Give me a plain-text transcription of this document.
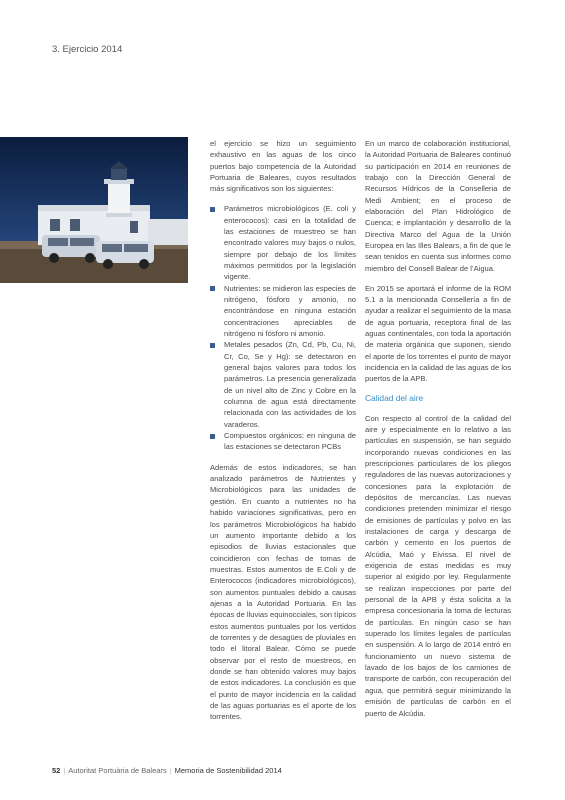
3. Ejercicio 2014

el ejercicio se hizo un seguimiento exhaustivo en las aguas de los cinco puertos bajo competencia de la Autoridad Portuaria de Baleares, cuyos resultados más significativos son los siguientes:

Parámetros microbiológicos (E. coli y enterococos): casi en la totalidad de las estaciones de muestreo se han encontrado valores muy bajos o nulos, siempre por debajo de los límites máximos permitidos por la legislación vigente.
Nutrientes: se midieron las especies de nitrógeno, fósforo y amonio, no encontrándose en ninguna estación concentraciones apreciables de nitrógeno ni fósforo ni amonio.
Metales pesados (Zn, Cd, Pb, Cu, Ni, Cr, Co, Se y Hg): se detectaron en general bajos valores para todos los parámetros. La presencia generalizada de un nivel alto de Zinc y Cobre en la columna de agua está directamente relacionada con las actividades de los varaderos.
Compuestos orgánicos: en ninguna de las estaciones se detectaron PCBs

Además de estos indicadores, se han analizado parámetros de Nutrientes y Microbiológicos para las unidades de gestión. En cuanto a nutrientes no ha habido variaciones significativas, pero en los parámetros Microbiológicos ha habido un aumento importante debido a los episodios de lluvias estacionales que coincidieron con fechas de tomas de muestras. Estos aumentos de E.Coli y de Enterococos (indicadores microbiológicos), son aumentos puntuales debido a causas ajenas a la Autoridad Portuaria. En las épocas de lluvias equinocciales, son típicos estos aumentos puntuales por los vertidos de torrentes y de desagües de pluviales en todo el litoral Balear. Cómo se puede observar por el resto de muestreos, en donde se han obtenido valores muy bajos de estos indicadores. La conclusión es que el punto de mayor incidencia en la calidad de las aguas portuarias es el aporte de los torrentes.

En un marco de colaboración institucional, la Autoridad Portuaria de Baleares continuó su participación en 2014 en reuniones de trabajo con la Dirección General de Recursos Hídricos de la Conselleria de Medi Ambient; en el proceso de elaboración del Plan Hidrológico de Cuenca; e implantación y desarrollo de la Directiva Marco del Agua de la Unión Europea en las Illes Balears, a fin de que le sean tenidos en cuenta sus informes como miembro del Consell Balear de l’Aigua.

En 2015 se aportará el informe de la ROM 5.1 a la mencionada Consellería a fin de ayudar a realizar el seguimiento de la masa de agua portuaria, receptora final de las aguas continentales, con toda la aportación de materia orgánica que suponen, siendo el aporte de los torrentes el punto de mayor incidencia en la calidad de las aguas de los puertos de la APB.

Calidad del aire

Con respecto al control de la calidad del aire y especialmente en lo relativo a las partículas en suspensión, se han seguido incorporando nuevas condiciones en las prescripciones particulares de los pliegos reguladores de las nuevas autorizaciones y concesiones para la explotación de depósitos de mercancías. Las nuevas condiciones pretenden minimizar el riesgo de emisiones de partículas y polvo en las instalaciones de carga y descarga de carbón y cemento en los puertos de Alcúdia, Maó y Eivissa. El nivel de exigencia de estas medidas es muy superior al exigido por ley. Regularmente se realizan inspecciones por parte del personal de la APB y ésta solicita a la empresa concesionaria la toma de lecturas de partículas. En ningún caso se han superado los límites legales de partículas en suspensión. A lo largo de 2014 entró en funcionamiento un nuevo sistema de lavado de los bajos de los camiones de transporte de carbón, con recuperación del agua, que permitirá seguir minimizando la emisión de partículas de carbón en el puerto de Alcúdia.

52 | Autoritat Portuària de Balears | Memoria de Sostenibilidad 2014
